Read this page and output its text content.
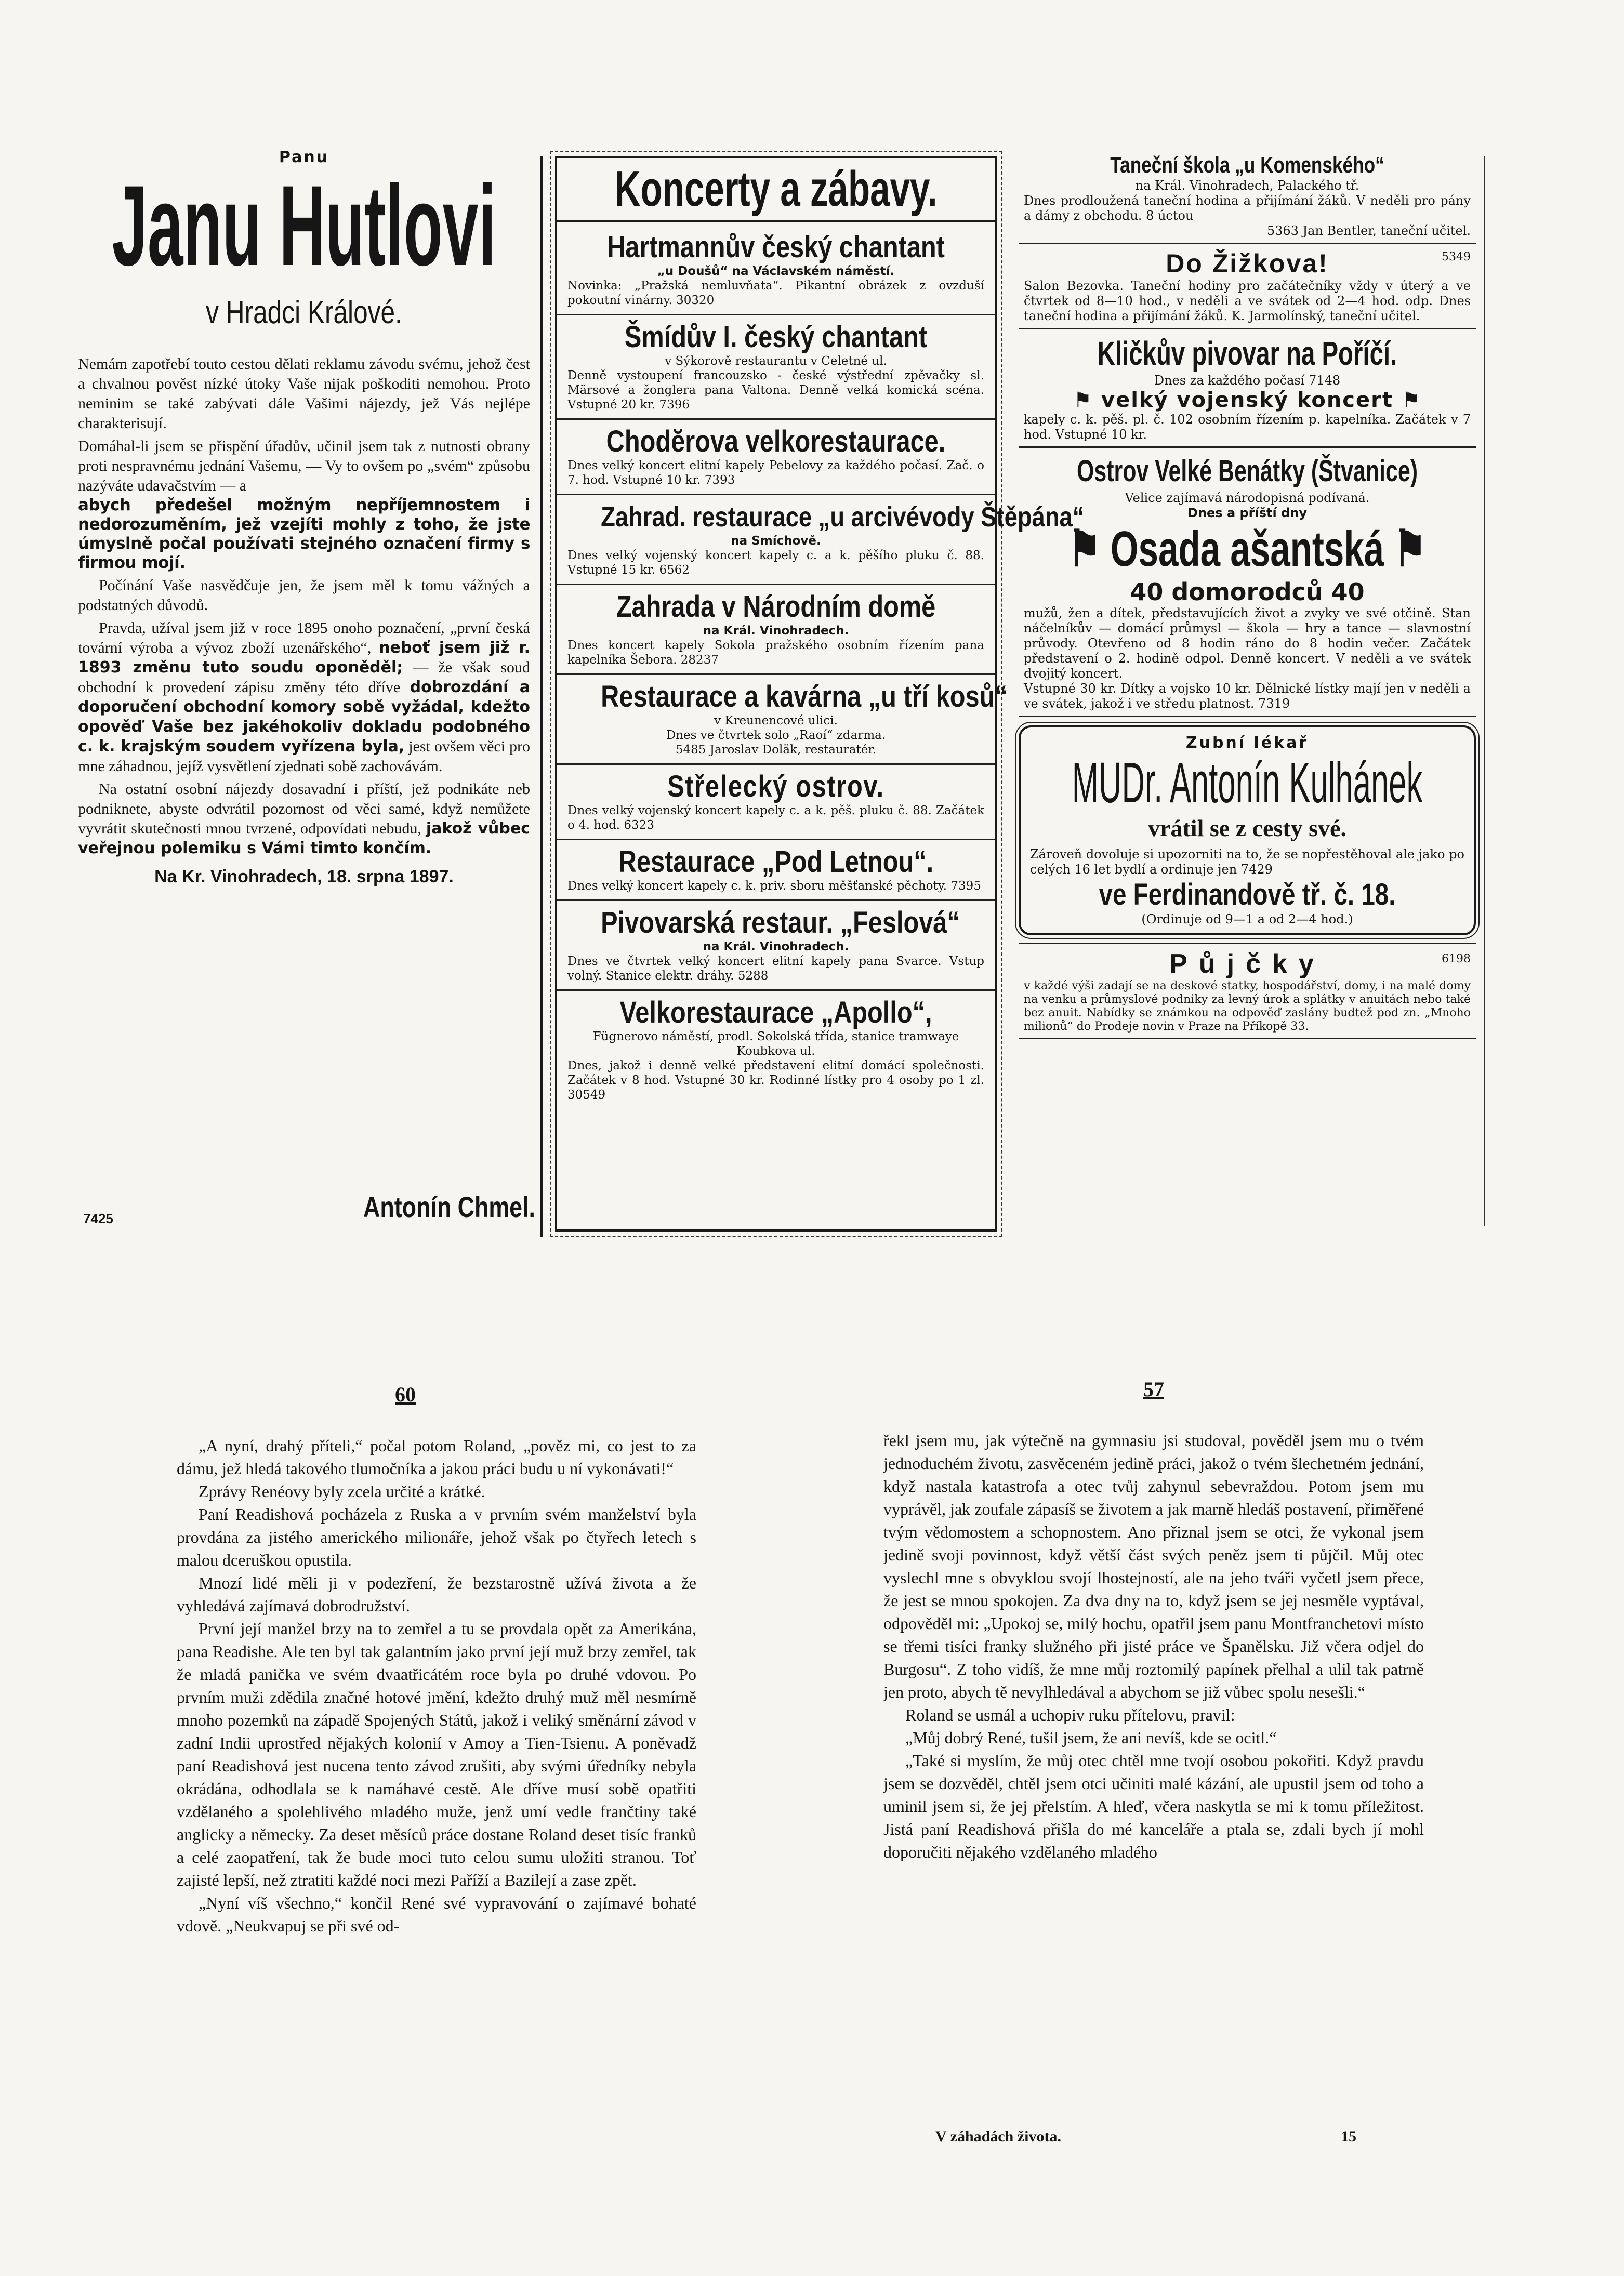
Panu
Janu Hutlovi
v Hradci Králové.

Nemám zapotřebí touto cestou dělati reklamu závodu svému, jehož čest a chvalnou pověst nízké útoky Vaše nijak poškoditi nemohou. Proto neminim se také zabývati dále Vašimi nájezdy, jež Vás nejlépe charakterisují.

Domáhal-li jsem se přispění úřadův, učinil jsem tak z nutnosti obrany proti nespravnému jednání Vašemu, — Vy to ovšem po „svém“ způsobu nazýváte udavačstvím — a

abych předešel možným nepříjemnostem i nedorozuměním, jež vzejíti mohly z toho, že jste úmyslně počal používati stejného označení firmy s firmou mojí.

Počínání Vaše nasvědčuje jen, že jsem měl k tomu vážných a podstatných důvodů.

Pravda, užíval jsem již v roce 1895 onoho poznačení, „první česká tovární výroba a vývoz zboží uzenářského“, neboť jsem již r. 1893 změnu tuto soudu oponěděl; — že však soud obchodní k provedení zápisu změny této dříve dobrozdání a doporučení obchodní komory sobě vyžádal, kdežto opověď Vaše bez jakéhokoliv dokladu podobného c. k. krajským soudem vyřízena byla, jest ovšem věci pro mne záhadnou, jejíž vysvětlení zjednati sobě zachovávám.

Na ostatní osobní nájezdy dosavadní i příští, jež podnikáte neb podniknete, abyste odvrátil pozornost od věci samé, když nemůžete vyvrátit skutečnosti mnou tvrzené, odpovídati nebudu, jakož vůbec veřejnou polemiku s Vámi timto končím.

Na Kr. Vinohradech, 18. srpna 1897.
7425	Antonín Chmel.
Koncerty a zábavy.
Hartmannův český chantant

„u Doušů“ na Václavském náměstí.

Novinka: „Pražská nemluvňata“. Pikantní obrázek z ovzduší pokoutní vinárny. 30320

Šmídův I. český chantant

v Sýkorově restaurantu v Celetné ul.

Denně vystoupení francouzsko - české výstřední zpěvačky sl. Märsové a žonglera pana Valtona. Denně velká komická scéna. Vstupné 20 kr. 7396

Chodĕrova velkorestaurace.

Dnes velký koncert elitní kapely Pebelovy za každého počasí. Zač. o 7. hod. Vstupné 10 kr. 7393

Zahrad. restaurace „u arcivévody Štěpána“

na Smíchově.

Dnes velký vojenský koncert kapely c. a k. pěšího pluku č. 88. Vstupné 15 kr. 6562

Zahrada v Národním domě

na Král. Vinohradech.

Dnes koncert kapely Sokola pražského osobním řízením pana kapelníka Šebora. 28237

Restaurace a kavárna „u tří kosů“

v Kreunencové ulici.

Dnes ve čtvrtek solo „Raoí“ zdarma.

5485 Jaroslav Doläk, restauratér.

Střelecký ostrov.

Dnes velký vojenský koncert kapely c. a k. pěš. pluku č. 88. Začátek o 4. hod. 6323

Restaurace „Pod Letnou“.

Dnes velký koncert kapely c. k. priv. sboru měšťanské pěchoty. 7395

Pivovarská restaur. „Feslová“

na Král. Vinohradech.

Dnes ve čtvrtek velký koncert elitní kapely pana Svarce. Vstup volný. Stanice elektr. dráhy. 5288

Velkorestaurace „Apollo“,

Fügnerovo náměstí, prodl. Sokolská třída, stanice tramwaye Koubkova ul.

Dnes, jakož i denně velké představení elitní domácí společnosti. Začátek v 8 hod. Vstupné 30 kr. Rodinné lístky pro 4 osoby po 1 zl. 30549

Taneční škola „u Komenského“

na Král. Vinohradech, Palackého tř.

Dnes prodloužená taneční hodina a přijímání žáků. V neděli pro pány a dámy z obchodu. 8 úctou

5363 Jan Bentler, taneční učitel.

Do Žižkova!	5349

Salon Bezovka. Taneční hodiny pro začátečníky vždy v úterý a ve čtvrtek od 8—10 hod., v neděli a ve svátek od 2—4 hod. odp. Dnes taneční hodina a přijímání žáků. K. Jarmolínský, taneční učitel.

Kličkův pivovar na Poříčí.

Dnes za každého počasí 7148

⚑ velký vojenský koncert ⚑

kapely c. k. pěš. pl. č. 102 osobním řízením p. kapelníka. Začátek v 7 hod. Vstupné 10 kr.

Ostrov Velké Benátky (Štvanice)

Velice zajímavá národopisná podívaná.

Dnes a příští dny

⚑ Osada ašantská ⚑
40 domorodců 40

mužů, žen a dítek, představujících život a zvyky ve své otčině. Stan náčelníkův — domácí průmysl — škola — hry a tance — slavnostní průvody. Otevřeno od 8 hodin ráno do 8 hodin večer. Začátek představení o 2. hodině odpol. Denně koncert. V neděli a ve svátek dvojitý koncert.

Vstupné 30 kr. Dítky a vojsko 10 kr. Dělnické lístky mají jen v neděli a ve svátek, jakož i ve středu platnost. 7319

Zubní lékař
MUDr. Antonín Kulhánek
vrátil se z cesty své.

Zároveň dovoluje si upozorniti na to, že se nopřestěhoval ale jako po celých 16 let bydlí a ordinuje jen 7429

ve Ferdinandově tř. č. 18.

(Ordinuje od 9—1 a od 2—4 hod.)

Půjčky	6198

v každé výši zadají se na deskové statky, hospodářství, domy, i na malé domy na venku a průmyslové podniky za levný úrok a splátky v anuitách nebo také bez anuit. Nabídky se známkou na odpověď zaslány budtež pod zn. „Mnoho milionů“ do Prodeje novin v Praze na Příkopě 33.

60	57

„A nyní, drahý příteli,“ počal potom Roland, „pověz mi, co jest to za dámu, jež hledá takového tlumočníka a jakou práci budu u ní vykonávati!“

Zprávy Renéovy byly zcela určité a krátké.

Paní Readishová pocházela z Ruska a v prvním svém manželství byla provdána za jistého amerického milionáře, jehož však po čtyřech letech s malou dceruškou opustila.

Mnozí lidé měli ji v podezření, že bezstarostně užívá života a že vyhledává zajímavá dobrodružství.

První její manžel brzy na to zemřel a tu se provdala opět za Amerikána, pana Readishe. Ale ten byl tak galantním jako první její muž brzy zemřel, tak že mladá panička ve svém dvaatřicátém roce byla po druhé vdovou. Po prvním muži zdědila značné hotové jmění, kdežto druhý muž měl nesmírně mnoho pozemků na západě Spojených Států, jakož i veliký směnární závod v zadní Indii uprostřed nějakých kolonií v Amoy a Tien-Tsienu. A poněvadž paní Readishová jest nucena tento závod zrušiti, aby svými úředníky nebyla okrádána, odhodlala se k namáhavé cestě. Ale dříve musí sobě opatřiti vzdělaného a spolehlivého mladého muže, jenž umí vedle frančtiny také anglicky a německy. Za deset měsíců práce dostane Roland deset tisíc franků a celé zaopatření, tak že bude moci tuto celou sumu uložiti stranou. Toť zajisté lepší, než ztratiti každé noci mezi Paříží a Bazilejí a zase zpět.

„Nyní víš všechno,“ končil René své vypravování o zajímavé bohaté vdově. „Neukvapuj se při své od-

řekl jsem mu, jak výtečně na gymnasiu jsi studoval, pověděl jsem mu o tvém jednoduchém životu, zasvěceném jedině práci, jakož o tvém šlechetném jednání, když nastala katastrofa a otec tvůj zahynul sebevraždou. Potom jsem mu vyprávěl, jak zoufale zápasíš se životem a jak marně hledáš postavení, přiměřené tvým vědomostem a schopnostem. Ano přiznal jsem se otci, že vykonal jsem jedině svoji povinnost, když větší část svých peněz jsem ti půjčil. Můj otec vyslechl mne s obvyklou svojí lhostejností, ale na jeho tváři vyčetl jsem přece, že jest se mnou spokojen. Za dva dny na to, když jsem se jej nesměle vyptával, odpověděl mi: „Upokoj se, milý hochu, opatřil jsem panu Montfranchetovi místo se třemi tisíci franky služného při jisté práce ve Španělsku. Již včera odjel do Burgosu“. Z toho vidíš, že mne můj roztomilý papínek přelhal a ulil tak patrně jen proto, abych tě nevylhledával a abychom se již vůbec spolu nesešli.“

Roland se usmál a uchopiv ruku přítelovu, pravil:

„Můj dobrý René, tušil jsem, že ani nevíš, kde se ocitl.“

„Také si myslím, že můj otec chtěl mne tvojí osobou pokořiti. Když pravdu jsem se dozvěděl, chtěl jsem otci učiniti malé kázání, ale upustil jsem od toho a uminil jsem si, že jej přelstím. A hleď, včera naskytla se mi k tomu příležitost. Jistá paní Readishová přišla do mé kanceláře a ptala se, zdali bych jí mohl doporučiti nějakého vzdělaného mladého

V záhadách života.	15
